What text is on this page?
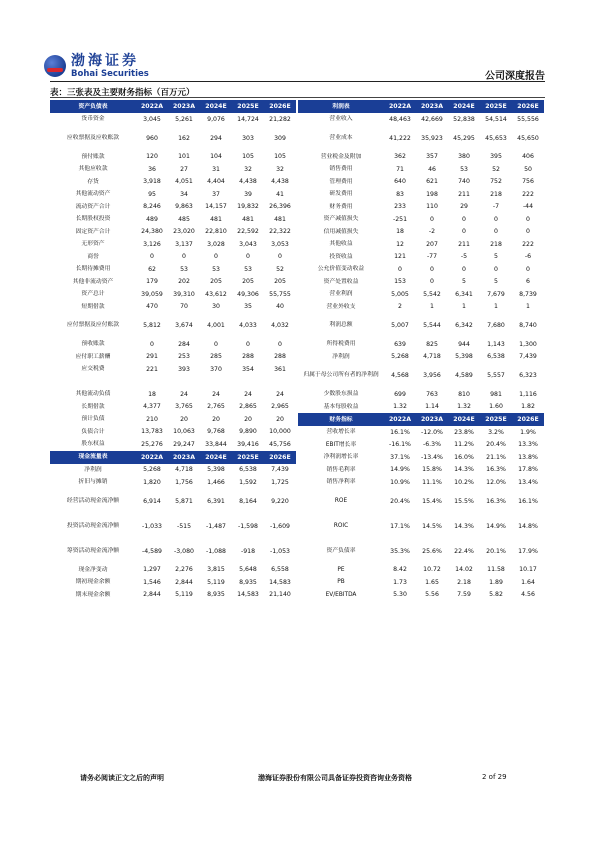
渤海证券
Bohai Securities	公司深度报告
表：三张表及主要财务指标（百万元）
资产负债表	2022A	2023A	2024E	2025E	2026E
货币资金	3,045	5,261	9,076	14,724	21,282
应收票据及应收账款	960	162	294	303	309
预付账款	120	101	104	105	105
其他应收款	36	27	31	32	32
存货	3,918	4,051	4,404	4,438	4,438
其他流动资产	95	34	37	39	41
流动资产合计	8,246	9,863	14,157	19,832	26,396
长期股权投资	489	485	481	481	481
固定资产合计	24,380	23,020	22,810	22,592	22,322
无形资产	3,126	3,137	3,028	3,043	3,053
商誉	0	0	0	0	0
长期待摊费用	62	53	53	53	52
其他非流动资产	179	202	205	205	205
资产总计	39,059	39,310	43,612	49,306	55,755
短期借款	470	70	30	35	40
应付票据及应付账款	5,812	3,674	4,001	4,033	4,032
预收账款	0	284	0	0	0
应付职工薪酬	291	253	285	288	288
应交税费	221	393	370	354	361
其他流动负债	18	24	24	24	24
长期借款	4,377	3,765	2,765	2,865	2,965
预计负债	210	20	20	20	20
负债合计	13,783	10,063	9,768	9,890	10,000
股东权益	25,276	29,247	33,844	39,416	45,756
现金流量表	2022A	2023A	2024E	2025E	2026E
净利润	5,268	4,718	5,398	6,538	7,439
折旧与摊销	1,820	1,756	1,466	1,592	1,725
经营活动现金流净额	6,914	5,871	6,391	8,164	9,220
投资活动现金流净额	-1,033	-515	-1,487	-1,598	-1,609
筹资活动现金流净额	-4,589	-3,080	-1,088	-918	-1,053
现金净变动	1,297	2,276	3,815	5,648	6,558
期初现金余额	1,546	2,844	5,119	8,935	14,583
期末现金余额	2,844	5,119	8,935	14,583	21,140
利润表	2022A	2023A	2024E	2025E	2026E
营业收入	48,463	42,669	52,838	54,514	55,556
营业成本	41,222	35,923	45,295	45,653	45,650
营业税金及附加	362	357	380	395	406
销售费用	71	46	53	52	50
管理费用	640	621	740	752	756
研发费用	83	198	211	218	222
财务费用	233	110	29	-7	-44
资产减值损失	-251	0	0	0	0
信用减值损失	18	-2	0	0	0
其他收益	12	207	211	218	222
投资收益	121	-77	-5	5	-6
公允价值变动收益	0	0	0	0	0
资产处置收益	153	0	5	5	6
营业利润	5,005	5,542	6,341	7,679	8,739
营业外收支	2	1	1	1	1
利润总额	5,007	5,544	6,342	7,680	8,740
所得税费用	639	825	944	1,143	1,300
净利润	5,268	4,718	5,398	6,538	7,439
归属于母公司所有者的净利润	4,568	3,956	4,589	5,557	6,323
少数股东损益	699	763	810	981	1,116
基本每股收益	1.32	1.14	1.32	1.60	1.82
财务指标	2022A	2023A	2024E	2025E	2026E
营收增长率	16.1%	-12.0%	23.8%	3.2%	1.9%
EBIT增长率	-16.1%	-6.3%	11.2%	20.4%	13.3%
净利润增长率	37.1%	-13.4%	16.0%	21.1%	13.8%
销售毛利率	14.9%	15.8%	14.3%	16.3%	17.8%
销售净利率	10.9%	11.1%	10.2%	12.0%	13.4%
ROE	20.4%	15.4%	15.5%	16.3%	16.1%
ROIC	17.1%	14.5%	14.3%	14.9%	14.8%
资产负债率	35.3%	25.6%	22.4%	20.1%	17.9%
PE	8.42	10.72	14.02	11.58	10.17
PB	1.73	1.65	2.18	1.89	1.64
EV/EBITDA	5.30	5.56	7.59	5.82	4.56
请务必阅读正文之后的声明	渤海证券股份有限公司具备证券投资咨询业务资格	2 of 29
